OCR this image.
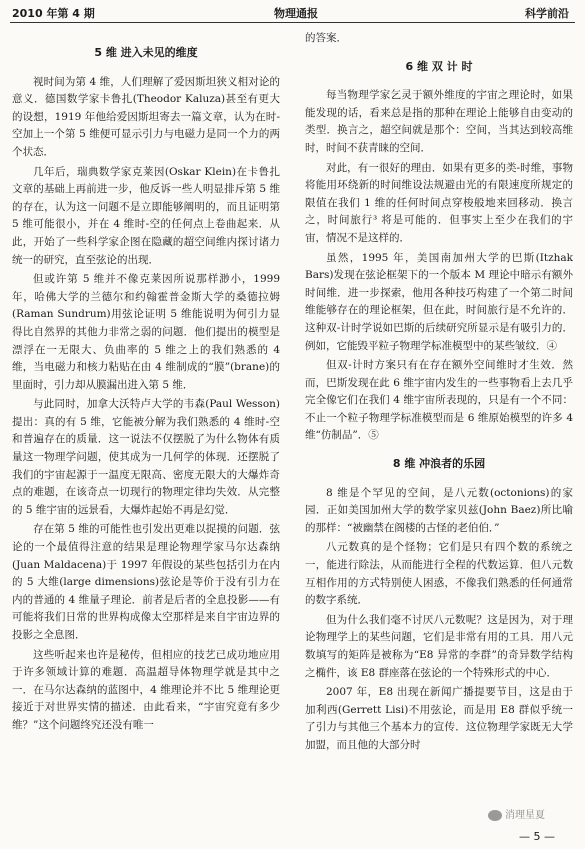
2010 年第 4 期	物理通报	科学前沿
5 维 进入未见的维度

视时间为第 4 维，人们理解了爱因斯坦狭义相对论的意义．德国数学家卡鲁扎(Theodor Kaluza)甚至有更大的设想，1919 年他给爱因斯坦寄去一篇文章，认为在时-空加上一个第 5 维便可显示引力与电磁力是同一个力的两个状态．

几年后，瑞典数学家克莱因(Oskar Klein)在卡鲁扎文章的基础上再前进一步，他反诉一些人明显排斥第 5 维的存在，认为这一问题不是立即能够阐明的，而且证明第 5 维可能很小，并在 4 维时-空的任何点上卷曲起来．从此，开始了一些科学家企图在隐藏的超空间维内探讨诸力统一的研究，直至弦论的出现．

但或许第 5 维并不像克莱因所说那样渺小，1999 年，哈佛大学的兰德尔和约翰霍普金斯大学的桑德拉姆(Raman Sundrum)用弦论证明 5 维能说明为何引力显得比自然界的其他力非常之弱的问题．他们提出的模型是漂浮在一无限大、负曲率的 5 维之上的我们熟悉的 4 维，当电磁力和核力粘贴在由 4 维制成的“膜”(brane)的里面时，引力却从膜漏出进入第 5 维．

与此同时，加拿大沃特卢大学的韦森(Paul Wesson)提出：真的有 5 维，它能被分解为我们熟悉的 4 维时-空和普遍存在的质量．这一说法不仅摆脱了为什么物体有质量这一物理学问题，使其成为一几何学的体现．还摆脱了我们的宇宙起源于一温度无限高、密度无限大的大爆炸奇点的难题，在该奇点一切现行的物理定律均失效．从完整的 5 维宇宙的远景看，大爆炸起始不再是幻觉．

存在第 5 维的可能性也引发出更难以捉摸的问题．弦论的一个最值得注意的结果是理论物理学家马尔达森纳(Juan Maldacena)于 1997 年假设的某些包括引力在内的 5 大维(large dimensions)弦论是等价于没有引力在内的普通的 4 维量子理论．前者是后者的全息投影——有可能将我们日常的世界构成像太空那样是来自宇宙边界的投影之全息图．

这些听起来也许是秘传，但相应的技艺已成功地应用于许多领域计算的难题．高温超导体物理学就是其中之一．在马尔达森纳的蓝图中，4 维理论并不比 5 维理论更接近于对世界实情的描述．由此看来，“宇宙究竟有多少维？”这个问题终究还没有唯一

的答案．

6 维 双 计 时

每当物理学家乞灵于额外维度的宇宙之理论时，如果能发现的话，看来总是指的那种在理论上能够自由变动的类型．换言之，超空间就是那个：空间，当其达到较高维时，时间不获青睐的空间．

对此，有一很好的理由．如果有更多的类-时维，事物将能用环绕新的时间维设法规避由光的有限速度所规定的限值在我们 1 维的任何时间点穿梭般地来回移动．换言之，时间旅行³ 将是可能的．但事实上至少在我们的宇宙，情况不是这样的．

虽然，1995 年，美国南加州大学的巴斯(Itzhak Bars)发现在弦论框架下的一个版本 M 理论中暗示有额外时间维．进一步探索，他用各种技巧构建了一个第二时间维能够存在的理论框架，但在此，时间旅行是不允许的．这种双-计时学说如巴斯的后续研究所显示是有吸引力的．例如，它能毁平粒子物理学标准模型中的某些皱纹．④

但双-计时方案只有在存在额外空间维时才生效．然而，巴斯发现在此 6 维宇宙内发生的一些事物看上去几乎完全像它们在我们 4 维宇宙所表现的，只是有一个不同：不止一个粒子物理学标准模型而是 6 维原始模型的许多 4 维“仿制品”．⑤

8 维 冲浪者的乐园

8 维是个罕见的空间，是八元数(octonions)的家园．正如美国加州大学的数学家贝兹(John Baez)所比喻的那样：“被幽禁在阁楼的古怪的老伯伯．”

八元数真的是个怪物；它们是只有四个数的系统之一，能进行除法，从而能进行全程的代数运算．但八元数互相作用的方式特别使人困惑，不像我们熟悉的任何通常的数字系统．

但为什么我们毫不讨厌八元数呢？这是因为，对于理论物理学上的某些问题，它们是非常有用的工具．用八元数填写的矩阵是被称为“E8 异常的李群”的奇异数学结构之椭件，该 E8 群座落在弦论的一个特殊形式的中心．

2007 年，E8 出现在新闻广播提要节目，这是由于加利西(Gerrett Lisi)不用弦论，而是用 E8 群似乎统一了引力与其他三个基本力的宣传．这位物理学家既无大学加盟，而且他的大部分时

消理星夏
— 5 —
